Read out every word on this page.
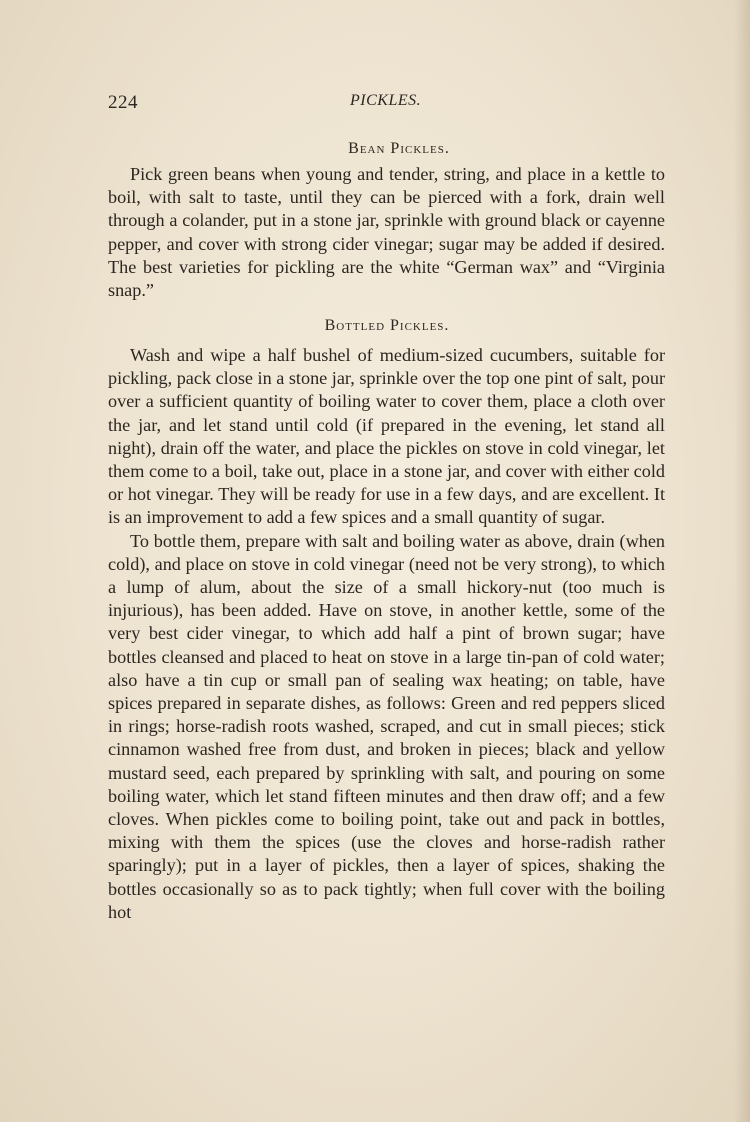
224	PICKLES.
Bean Pickles.

Pick green beans when young and tender, string, and place in a kettle to boil, with salt to taste, until they can be pierced with a fork, drain well through a colander, put in a stone jar, sprinkle with ground black or cayenne pepper, and cover with strong cider vinegar; sugar may be added if desired. The best varieties for pickling are the white “German wax” and “Virginia snap.”

Bottled Pickles.

Wash and wipe a half bushel of medium-sized cucumbers, suitable for pickling, pack close in a stone jar, sprinkle over the top one pint of salt, pour over a sufficient quantity of boiling water to cover them, place a cloth over the jar, and let stand until cold (if prepared in the evening, let stand all night), drain off the water, and place the pickles on stove in cold vinegar, let them come to a boil, take out, place in a stone jar, and cover with either cold or hot vinegar. They will be ready for use in a few days, and are excellent. It is an improvement to add a few spices and a small quantity of sugar.

To bottle them, prepare with salt and boiling water as above, drain (when cold), and place on stove in cold vinegar (need not be very strong), to which a lump of alum, about the size of a small hickory-nut (too much is injurious), has been added. Have on stove, in another kettle, some of the very best cider vinegar, to which add half a pint of brown sugar; have bottles cleansed and placed to heat on stove in a large tin-pan of cold water; also have a tin cup or small pan of sealing wax heating; on table, have spices prepared in separate dishes, as follows: Green and red peppers sliced in rings; horse-radish roots washed, scraped, and cut in small pieces; stick cinnamon washed free from dust, and broken in pieces; black and yellow mustard seed, each prepared by sprinkling with salt, and pouring on some boiling water, which let stand fifteen minutes and then draw off; and a few cloves. When pickles come to boiling point, take out and pack in bottles, mixing with them the spices (use the cloves and horse-radish rather sparingly); put in a layer of pickles, then a layer of spices, shaking the bottles occasionally so as to pack tightly; when full cover with the boiling hot
